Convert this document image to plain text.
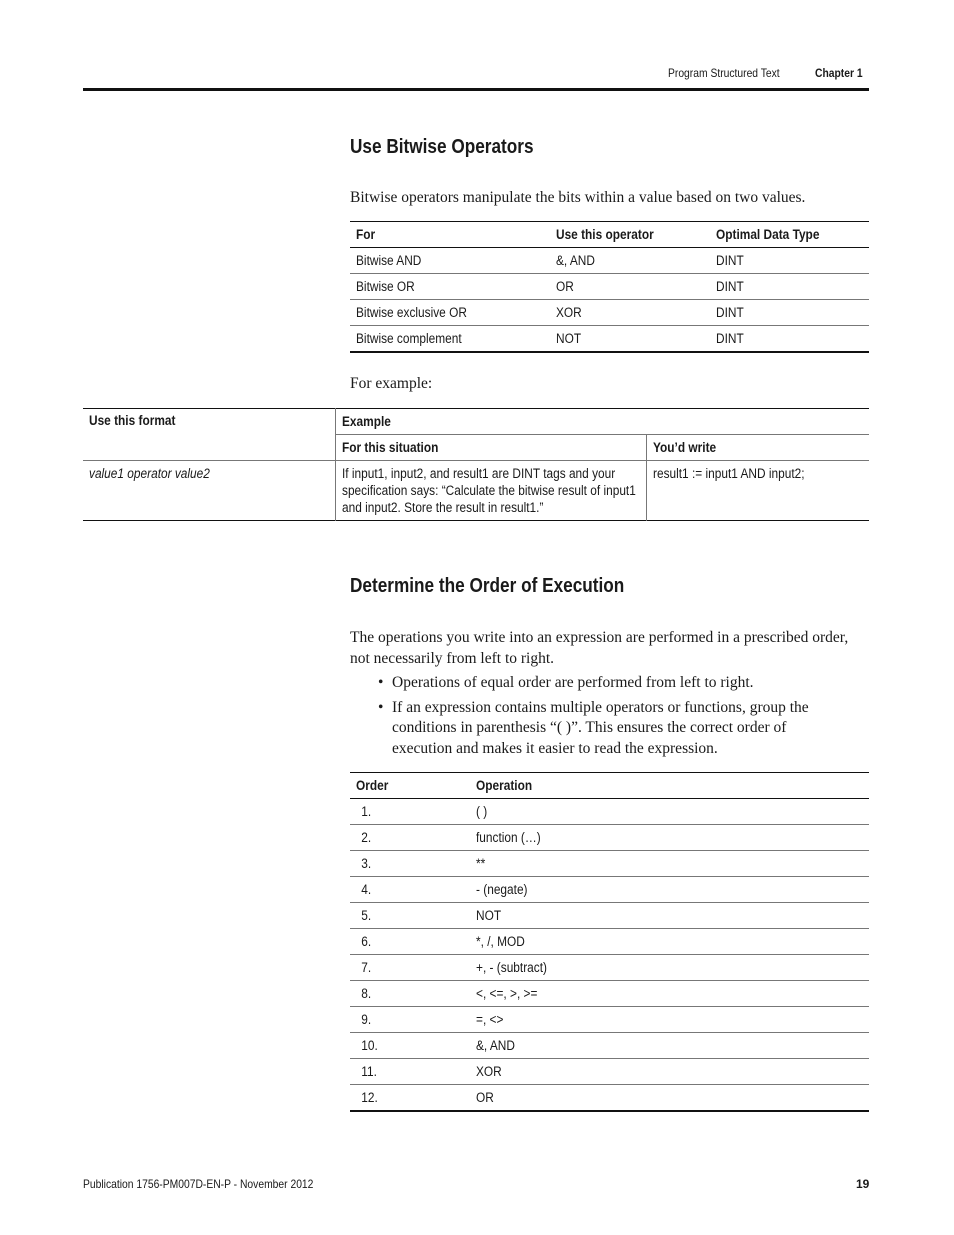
Program Structured Text	Chapter 1
Use Bitwise Operators

Bitwise operators manipulate the bits within a value based on two values.

For	Use this operator	Optimal Data Type
Bitwise AND	&, AND	DINT
Bitwise OR	OR	DINT
Bitwise exclusive OR	XOR	DINT
Bitwise complement	NOT	DINT

For example:

Use this format	Example	
	For this situation	You’d write
value1 operator value2	If input1, input2, and result1 are DINT tags and your specification says: “Calculate the bitwise result of input1 and input2. Store the result in result1.”	result1 := input1 AND input2;
Determine the Order of Execution

The operations you write into an expression are performed in a prescribed order, not necessarily from left to right.

• Operations of equal order are performed from left to right.
• If an expression contains multiple operators or functions, group the conditions in parenthesis “( )”. This ensures the correct order of execution and makes it easier to read the expression.
Order	Operation
1.	( )
2.	function (…)
3.	**
4.	- (negate)
5.	NOT
6.	*, /, MOD
7.	+, - (subtract)
8.	<, <=, >, >=
9.	=, <>
10.	&, AND
11.	XOR
12.	OR
Publication 1756-PM007D-EN-P - November 2012	19
